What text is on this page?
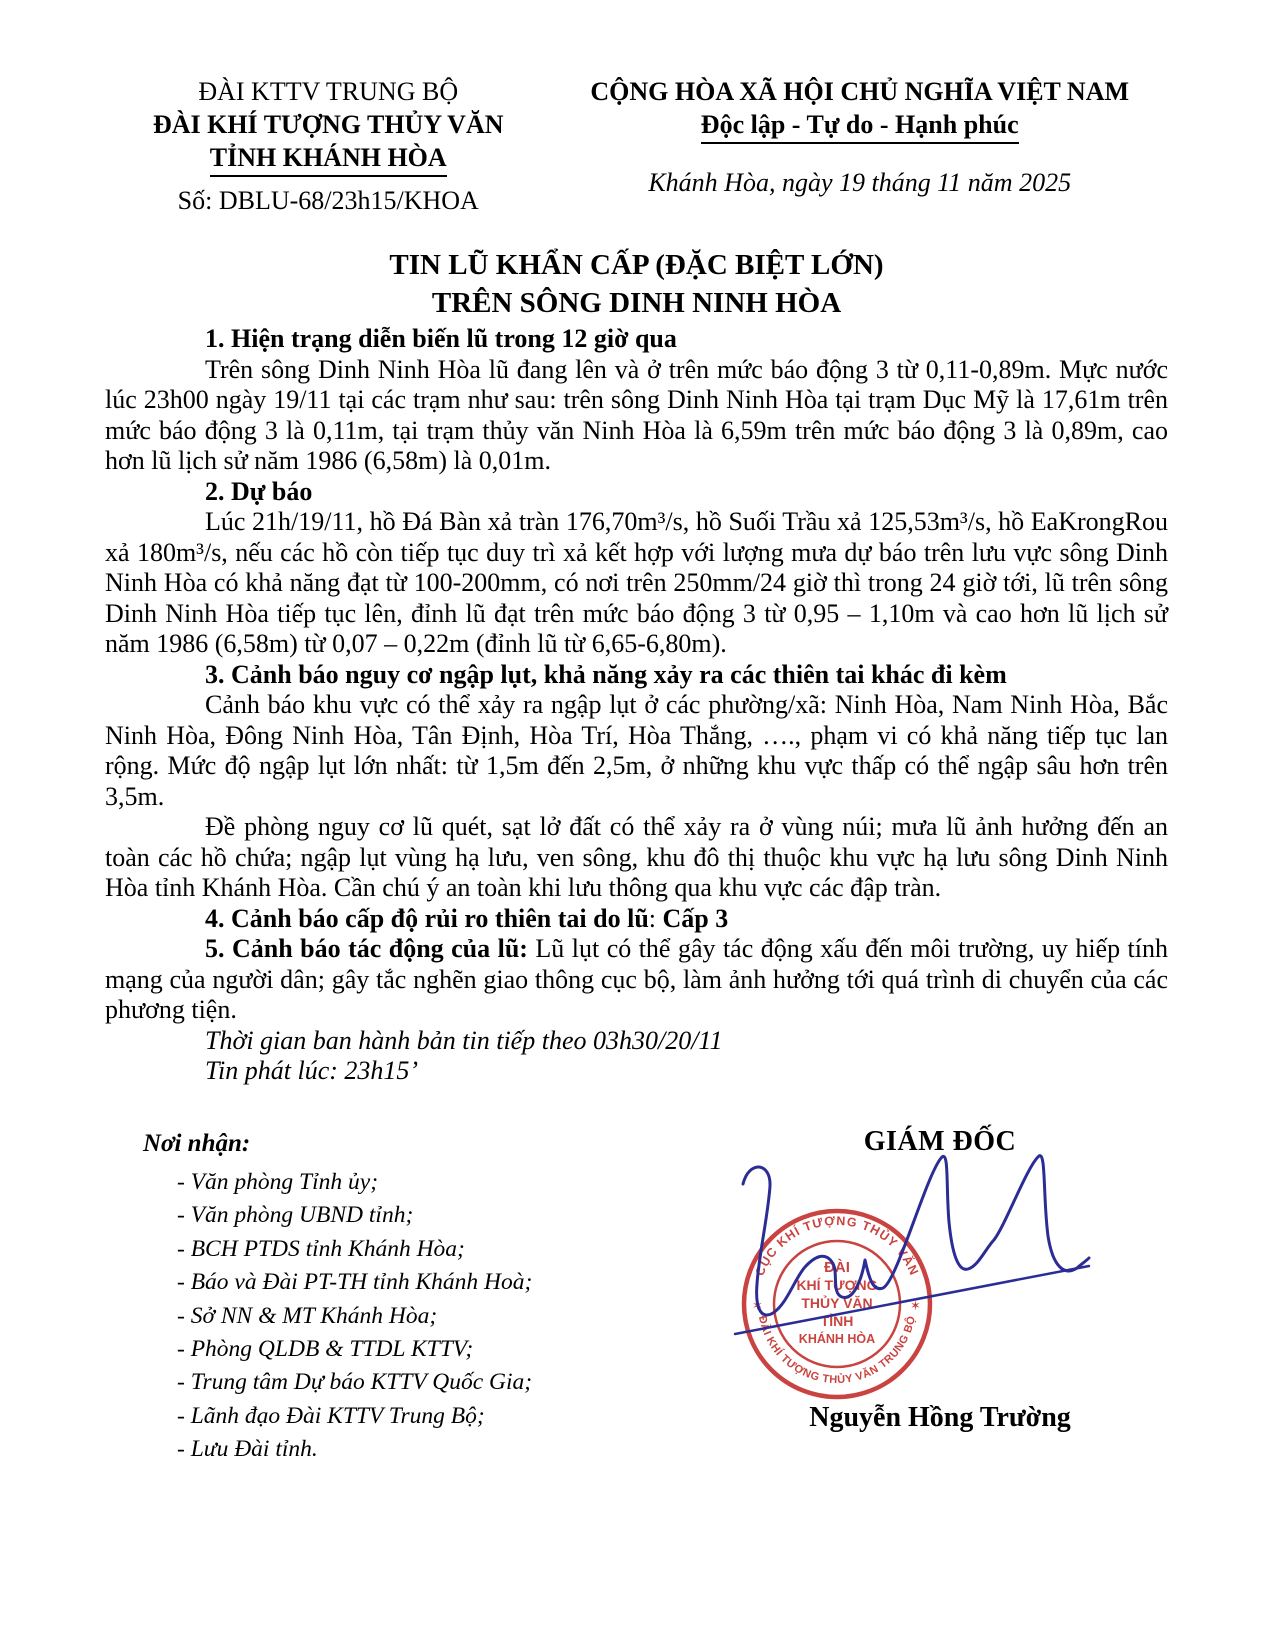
ĐÀI KTTV TRUNG BỘ
ĐÀI KHÍ TƯỢNG THỦY VĂN
TỈNH KHÁNH HÒA
Số: DBLU-68/23h15/KHOA
CỘNG HÒA XÃ HỘI CHỦ NGHĨA VIỆT NAM
Độc lập - Tự do - Hạnh phúc
Khánh Hòa, ngày 19 tháng 11 năm 2025
TIN LŨ KHẨN CẤP (ĐẶC BIỆT LỚN)
TRÊN SÔNG DINH NINH HÒA

1. Hiện trạng diễn biến lũ trong 12 giờ qua

Trên sông Dinh Ninh Hòa lũ đang lên và ở trên mức báo động 3 từ 0,11-0,89m. Mực nước lúc 23h00 ngày 19/11 tại các trạm như sau: trên sông Dinh Ninh Hòa tại trạm Dục Mỹ là 17,61m trên mức báo động 3 là 0,11m, tại trạm thủy văn Ninh Hòa là 6,59m trên mức báo động 3 là 0,89m, cao hơn lũ lịch sử năm 1986 (6,58m) là 0,01m.

2. Dự báo

Lúc 21h/19/11, hồ Đá Bàn xả tràn 176,70m³/s, hồ Suối Trầu xả 125,53m³/s, hồ EaKrongRou xả 180m³/s, nếu các hồ còn tiếp tục duy trì xả kết hợp với lượng mưa dự báo trên lưu vực sông Dinh Ninh Hòa có khả năng đạt từ 100-200mm, có nơi trên 250mm/24 giờ thì trong 24 giờ tới, lũ trên sông Dinh Ninh Hòa tiếp tục lên, đỉnh lũ đạt trên mức báo động 3 từ 0,95 – 1,10m và cao hơn lũ lịch sử năm 1986 (6,58m) từ 0,07 – 0,22m (đỉnh lũ từ 6,65-6,80m).

3. Cảnh báo nguy cơ ngập lụt, khả năng xảy ra các thiên tai khác đi kèm

Cảnh báo khu vực có thể xảy ra ngập lụt ở các phường/xã: Ninh Hòa, Nam Ninh Hòa, Bắc Ninh Hòa, Đông Ninh Hòa, Tân Định, Hòa Trí, Hòa Thắng, …., phạm vi có khả năng tiếp tục lan rộng. Mức độ ngập lụt lớn nhất: từ 1,5m đến 2,5m, ở những khu vực thấp có thể ngập sâu hơn trên 3,5m.

Đề phòng nguy cơ lũ quét, sạt lở đất có thể xảy ra ở vùng núi; mưa lũ ảnh hưởng đến an toàn các hồ chứa; ngập lụt vùng hạ lưu, ven sông, khu đô thị thuộc khu vực hạ lưu sông Dinh Ninh Hòa tỉnh Khánh Hòa. Cần chú ý an toàn khi lưu thông qua khu vực các đập tràn.

4. Cảnh báo cấp độ rủi ro thiên tai do lũ: Cấp 3

5. Cảnh báo tác động của lũ: Lũ lụt có thể gây tác động xấu đến môi trường, uy hiếp tính mạng của người dân; gây tắc nghẽn giao thông cục bộ, làm ảnh hưởng tới quá trình di chuyển của các phương tiện.

Thời gian ban hành bản tin tiếp theo 03h30/20/11

Tin phát lúc: 23h15’

Nơi nhận:
- Văn phòng Tỉnh ủy;
- Văn phòng UBND tỉnh;
- BCH PTDS tỉnh Khánh Hòa;
- Báo và Đài PT-TH tỉnh Khánh Hoà;
- Sở NN & MT Khánh Hòa;
- Phòng QLDB & TTDL KTTV;
- Trung tâm Dự báo KTTV Quốc Gia;
- Lãnh đạo Đài KTTV Trung Bộ;
- Lưu Đài tỉnh.
GIÁM ĐỐC
CỤC KHÍ TƯỢNG THỦY VĂN
ĐÀI KHÍ TƯỢNG THỦY VĂN TRUNG BỘ
✶	✶
ĐÀI
KHÍ TƯỢNG
THỦY VĂN
TỈNH
KHÁNH HÒA
Nguyễn Hồng Trường
